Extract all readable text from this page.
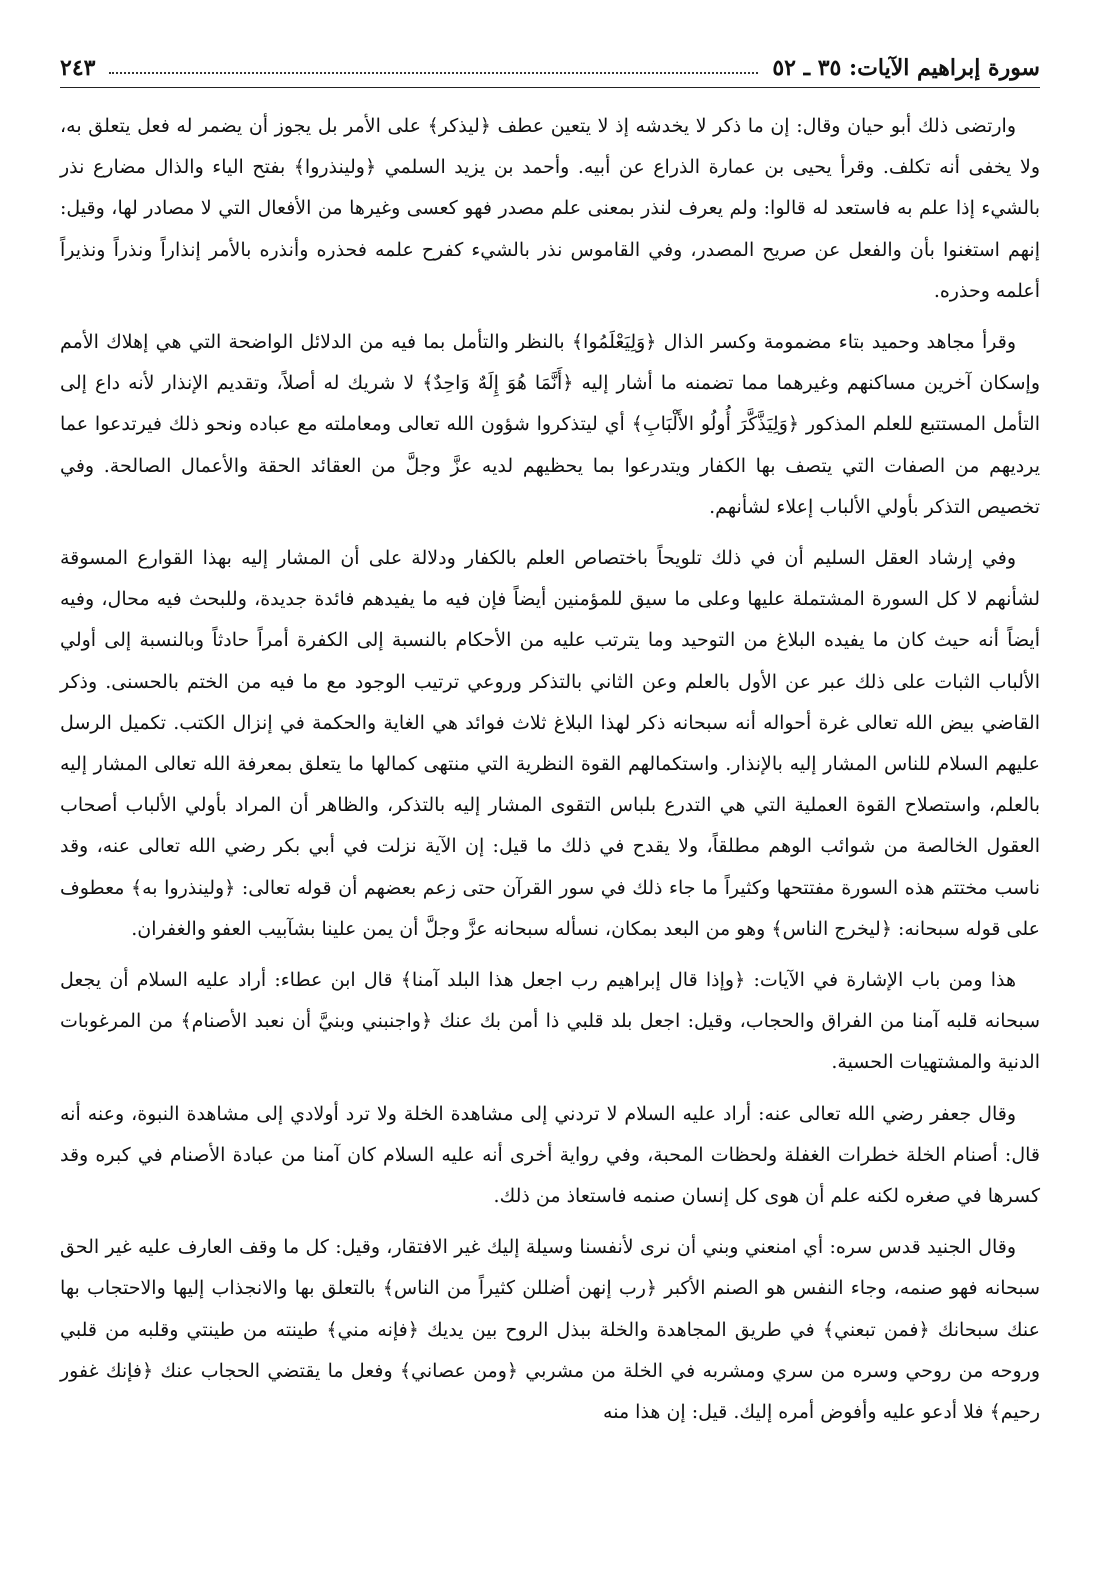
سورة إبراهيم الآيات: ٣٥ ـ ٥٢
٢٤٣

وارتضى ذلك أبو حيان وقال: إن ما ذكر لا يخدشه إذ لا يتعين عطف ﴿ليذكر﴾ على الأمر بل يجوز أن يضمر له فعل يتعلق به، ولا يخفى أنه تكلف. وقرأ يحيى بن عمارة الذراع عن أبيه. وأحمد بن يزيد السلمي ﴿ولينذروا﴾ بفتح الياء والذال مضارع نذر بالشيء إذا علم به فاستعد له قالوا: ولم يعرف لنذر بمعنى علم مصدر فهو كعسى وغيرها من الأفعال التي لا مصادر لها، وقيل: إنهم استغنوا بأن والفعل عن صريح المصدر، وفي القاموس نذر بالشيء كفرح علمه فحذره وأنذره بالأمر إنذاراً ونذراً ونذيراً أعلمه وحذره.

وقرأ مجاهد وحميد بتاء مضمومة وكسر الذال ﴿وَلِيَعْلَمُوا﴾ بالنظر والتأمل بما فيه من الدلائل الواضحة التي هي إهلاك الأمم وإسكان آخرين مساكنهم وغيرهما مما تضمنه ما أشار إليه ﴿أَنَّمَا هُوَ إِلَهٌ وَاحِدٌ﴾ لا شريك له أصلاً، وتقديم الإنذار لأنه داع إلى التأمل المستتبع للعلم المذكور ﴿وَلِيَذَّكَّرَ أُولُو الأَلْبَابِ﴾ أي ليتذكروا شؤون الله تعالى ومعاملته مع عباده ونحو ذلك فيرتدعوا عما يرديهم من الصفات التي يتصف بها الكفار ويتدرعوا بما يحظيهم لديه عزَّ وجلَّ من العقائد الحقة والأعمال الصالحة. وفي تخصيص التذكر بأولي الألباب إعلاء لشأنهم.

وفي إرشاد العقل السليم أن في ذلك تلويحاً باختصاص العلم بالكفار ودلالة على أن المشار إليه بهذا القوارع المسوقة لشأنهم لا كل السورة المشتملة عليها وعلى ما سيق للمؤمنين أيضاً فإن فيه ما يفيدهم فائدة جديدة، وللبحث فيه محال، وفيه أيضاً أنه حيث كان ما يفيده البلاغ من التوحيد وما يترتب عليه من الأحكام بالنسبة إلى الكفرة أمراً حادثاً وبالنسبة إلى أولي الألباب الثبات على ذلك عبر عن الأول بالعلم وعن الثاني بالتذكر وروعي ترتيب الوجود مع ما فيه من الختم بالحسنى. وذكر القاضي بيض الله تعالى غرة أحواله أنه سبحانه ذكر لهذا البلاغ ثلاث فوائد هي الغاية والحكمة في إنزال الكتب. تكميل الرسل عليهم السلام للناس المشار إليه بالإنذار. واستكمالهم القوة النظرية التي منتهى كمالها ما يتعلق بمعرفة الله تعالى المشار إليه بالعلم، واستصلاح القوة العملية التي هي التدرع بلباس التقوى المشار إليه بالتذكر، والظاهر أن المراد بأولي الألباب أصحاب العقول الخالصة من شوائب الوهم مطلقاً، ولا يقدح في ذلك ما قيل: إن الآية نزلت في أبي بكر رضي الله تعالى عنه، وقد ناسب مختتم هذه السورة مفتتحها وكثيراً ما جاء ذلك في سور القرآن حتى زعم بعضهم أن قوله تعالى: ﴿ولينذروا به﴾ معطوف على قوله سبحانه: ﴿ليخرج الناس﴾ وهو من البعد بمكان، نسأله سبحانه عزَّ وجلَّ أن يمن علينا بشآبيب العفو والغفران.

هذا ومن باب الإشارة في الآيات: ﴿وإذا قال إبراهيم رب اجعل هذا البلد آمنا﴾ قال ابن عطاء: أراد عليه السلام أن يجعل سبحانه قلبه آمنا من الفراق والحجاب، وقيل: اجعل بلد قلبي ذا أمن بك عنك ﴿واجنبني وبنيَّ أن نعبد الأصنام﴾ من المرغوبات الدنية والمشتهيات الحسية.

وقال جعفر رضي الله تعالى عنه: أراد عليه السلام لا تردني إلى مشاهدة الخلة ولا ترد أولادي إلى مشاهدة النبوة، وعنه أنه قال: أصنام الخلة خطرات الغفلة ولحظات المحبة، وفي رواية أخرى أنه عليه السلام كان آمنا من عبادة الأصنام في كبره وقد كسرها في صغره لكنه علم أن هوى كل إنسان صنمه فاستعاذ من ذلك.

وقال الجنيد قدس سره: أي امنعني وبني أن نرى لأنفسنا وسيلة إليك غير الافتقار، وقيل: كل ما وقف العارف عليه غير الحق سبحانه فهو صنمه، وجاء النفس هو الصنم الأكبر ﴿رب إنهن أضللن كثيراً من الناس﴾ بالتعلق بها والانجذاب إليها والاحتجاب بها عنك سبحانك ﴿فمن تبعني﴾ في طريق المجاهدة والخلة ببذل الروح بين يديك ﴿فإنه مني﴾ طينته من طينتي وقلبه من قلبي وروحه من روحي وسره من سري ومشربه في الخلة من مشربي ﴿ومن عصاني﴾ وفعل ما يقتضي الحجاب عنك ﴿فإنك غفور رحيم﴾ فلا أدعو عليه وأفوض أمره إليك. قيل: إن هذا منه
